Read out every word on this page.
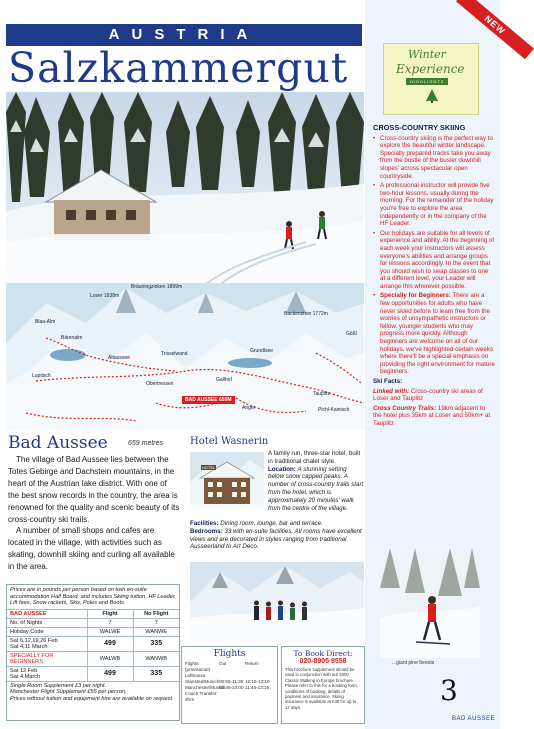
AUSTRIA
Salzkammergut
Bräuningzinken 1899m
Loser 1838m
Blaa-Alm
Bärenalm
Altaussee
Trisselwand
Lupitsch
Obertressen
Grundlsee
Backenstein 1772m
Gößl
Gallhof
Anger
Tauplitz
Pichl-Kainisch
BAD AUSSEE 659M
NEW
Winter
Experience
HIGHLIGHTS
CROSS-COUNTRY SKIING
• Cross-country skiing is the perfect way to explore the beautiful winter landscape. Specially prepared tracks take you away from the bustle of the busier downhill slopes' across spectacular open countryside.
• A professional instructor will provide five two-hour lessons, usually during the morning. For the remainder of the holiday you're free to explore the area independently or in the company of the HF Leader.
• Our holidays are suitable for all levels of experience and ability. At the beginning of each week your instructors will assess everyone's abilities and arrange groups for lessons accordingly. In the event that you should wish to swap classes to one at a different level, your Leader will arrange this wherever possible.
• Specially for Beginners: There are a few opportunities for adults who have never skied before to learn free from the worries of unsympathetic instructors or fellow, younger students who may progress more quickly. Although beginners are welcome on all of our holidays, we've highlighted certain weeks where there'll be a special emphasis on providing the right environment for mature beginners.
Ski Facts:
Linked with: Cross-country ski areas of Loser and Tauplitz
Cross Country Trails: 19km adjacent to the hotel plus 35km at Loser and 50km+ at Tauplitz
...giant pine forests
3
BAD AUSSEE
Bad Aussee	659 metres

The village of Bad Aussee lies between the Totes Gebirge and Dachstein mountains, in the heart of the Austrian lake district. With one of the best snow records in the country, the area is renowned for the quality and scenic beauty of its cross-country ski trails.

A number of small shops and cafes are located in the village, with activities such as skating, downhill skiing and curling all available in the area.

Hotel Wasnerin
HOTEL
A family run, three-star hotel, built in traditional chalet style. Location: A stunning setting below snow capped peaks. A number of cross-country trails start from the hotel, which is approximately 20 minutes' walk from the centre of the village.
Facilities: Dining room, lounge, bar and terrace.
Bedrooms: 33 with en-suite facilities. All rooms have excellent views and are decorated in styles ranging from traditional Ausseerland to Art Deco.
Prices are in pounds per person based on twin en-suite accommodation Half Board, and includes Skiing tuition, HF Leader, Lift fees, Snow rackets, Skis, Poles and Boots.
BAD AUSSEE	Flight	No Flight
No. of Nights	7	7
Holiday Code	WALWE	WANWE

Sat 6,12,19,26 Feb
Sat 4,11 March	499	335
SPECIALLY FOR BEGINNERS	WALWB	WANWB

Sat 12 Feb
Sat 4 March	499	335
Single Room Supplement £3 per night.
Manchester Flight Supplement £55 per person.
Prices without tuition and equipment hire are available on request.
Flights
Flights (provisional)
Out	Return
Lufthansa
Stansted/Munich 08:55-11:35 12:15-13:10
Manchester/Munich
06:45-10:00 11:45-13:15
Coach Transfer: 3hrs
To Book Direct:
020-8905 9558
This brochure supplement should be used in conjunction with our 2000 Classic Walking in Europe brochure. Please refer to this for a booking form, conditions of booking, details of payment and insurance. Skiing insurance is available at £30 for up to 17 days.
